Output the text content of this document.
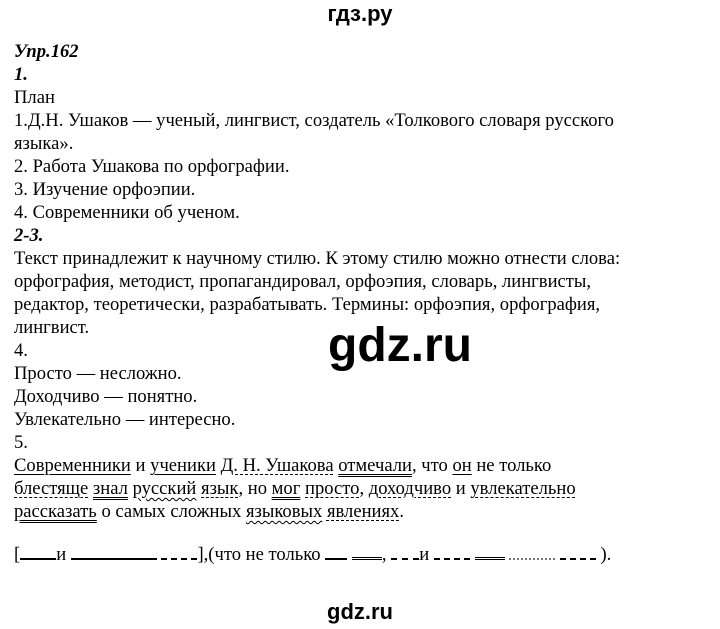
гдз.ру
gdz.ru
gdz.ru
Упр.162
1.
План
1.Д.Н. Ушаков — ученый, лингвист, создатель «Толкового словаря русского
языка».
2. Работа Ушакова по орфографии.
3. Изучение орфоэпии.
4. Современники об ученом.
2-3.
Текст принадлежит к научному стилю. К этому стилю можно отнести слова:
орфография, методист, пропагандировал, орфоэпия, словарь, лингвисты,
редактор, теоретически, разрабатывать. Термины: орфоэпия, орфография,
лингвист.
4.
Просто — несложно.
Доходчиво — понятно.
Увлекательно — интересно.
5.
Современники и ученики Д. Н. Ушакова отмечали, что он не только
блестяще знал русский язык, но мог просто, доходчиво и увлекательно
рассказать о самых сложных языковых явлениях.
[ и	],(что не только	, и	).
